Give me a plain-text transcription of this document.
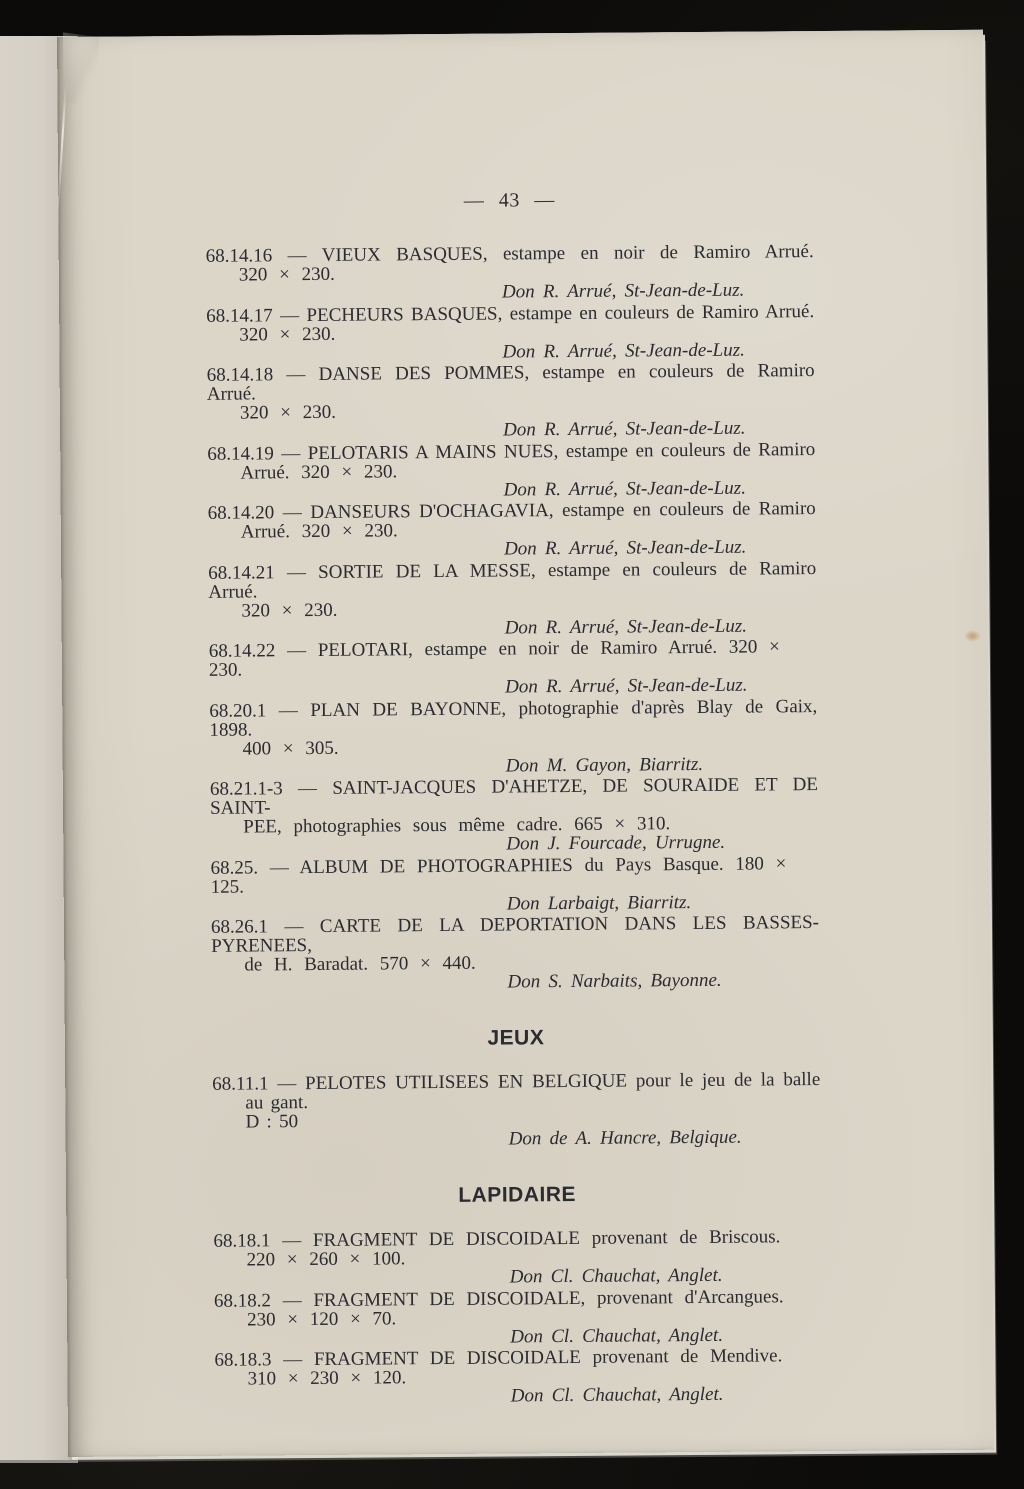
— 43 —
68.14.16 — VIEUX BASQUES, estampe en noir de Ramiro Arrué.
320 × 230.
Don R. Arrué, St-Jean-de-Luz.
68.14.17 — PECHEURS BASQUES, estampe en couleurs de Ramiro Arrué.
320 × 230.
Don R. Arrué, St-Jean-de-Luz.
68.14.18 — DANSE DES POMMES, estampe en couleurs de Ramiro Arrué.
320 × 230.
Don R. Arrué, St-Jean-de-Luz.
68.14.19 — PELOTARIS A MAINS NUES, estampe en couleurs de Ramiro
Arrué. 320 × 230.
Don R. Arrué, St-Jean-de-Luz.
68.14.20 — DANSEURS D'OCHAGAVIA, estampe en couleurs de Ramiro
Arrué. 320 × 230.
Don R. Arrué, St-Jean-de-Luz.
68.14.21 — SORTIE DE LA MESSE, estampe en couleurs de Ramiro Arrué.
320 × 230.
Don R. Arrué, St-Jean-de-Luz.
68.14.22 — PELOTARI, estampe en noir de Ramiro Arrué. 320 × 230.
Don R. Arrué, St-Jean-de-Luz.
68.20.1 — PLAN DE BAYONNE, photographie d'après Blay de Gaix, 1898.
400 × 305.
Don M. Gayon, Biarritz.
68.21.1-3 — SAINT-JACQUES D'AHETZE, DE SOURAIDE ET DE SAINT-
PEE, photographies sous même cadre. 665 × 310.
Don J. Fourcade, Urrugne.
68.25. — ALBUM DE PHOTOGRAPHIES du Pays Basque. 180 × 125.
Don Larbaigt, Biarritz.
68.26.1 — CARTE DE LA DEPORTATION DANS LES BASSES-PYRENEES,
de H. Baradat. 570 × 440.
Don S. Narbaits, Bayonne.
JEUX
68.11.1 — PELOTES UTILISEES EN BELGIQUE pour le jeu de la balle
au gant.
D : 50
Don de A. Hancre, Belgique.
LAPIDAIRE
68.18.1 — FRAGMENT DE DISCOIDALE provenant de Briscous.
220 × 260 × 100.
Don Cl. Chauchat, Anglet.
68.18.2 — FRAGMENT DE DISCOIDALE, provenant d'Arcangues.
230 × 120 × 70.
Don Cl. Chauchat, Anglet.
68.18.3 — FRAGMENT DE DISCOIDALE provenant de Mendive.
310 × 230 × 120.
Don Cl. Chauchat, Anglet.
